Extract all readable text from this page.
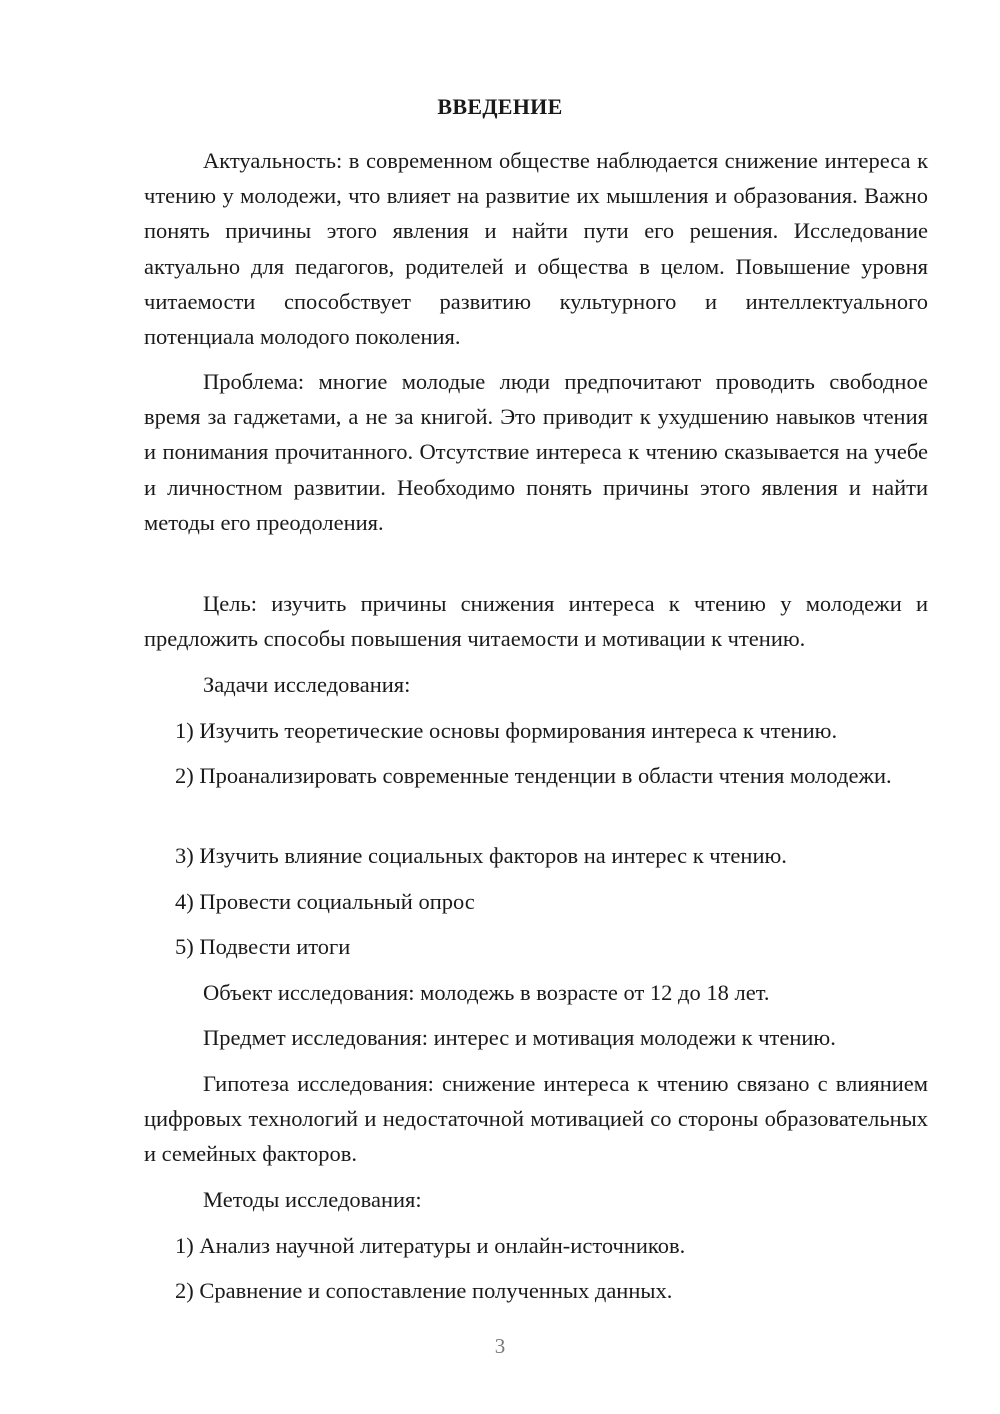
ВВЕДЕНИЕ
Актуальность: в современном обществе наблюдается снижение интереса к чтению у молодежи, что влияет на развитие их мышления и образования. Важно понять причины этого явления и найти пути его решения. Исследование актуально для педагогов, родителей и общества в целом. Повышение уровня читаемости способствует развитию культурного и интеллектуального потенциала молодого поколения.
Проблема: многие молодые люди предпочитают проводить свободное время за гаджетами, а не за книгой. Это приводит к ухудшению навыков чтения и понимания прочитанного. Отсутствие интереса к чтению сказывается на учебе и личностном развитии. Необходимо понять причины этого явления и найти методы его преодоления.
Цель: изучить причины снижения интереса к чтению у молодежи и предложить способы повышения читаемости и мотивации к чтению.
Задачи исследования:
1) Изучить теоретические основы формирования интереса к чтению.
2) Проанализировать современные тенденции в области чтения молодежи.
3) Изучить влияние социальных факторов на интерес к чтению.
4) Провести социальный опрос
5) Подвести итоги
Объект исследования: молодежь в возрасте от 12 до 18 лет.
Предмет исследования: интерес и мотивация молодежи к чтению.
Гипотеза исследования: снижение интереса к чтению связано с влиянием цифровых технологий и недостаточной мотивацией со стороны образовательных и семейных факторов.
Методы исследования:
1) Анализ научной литературы и онлайн-источников.
2) Сравнение и сопоставление полученных данных.
3
